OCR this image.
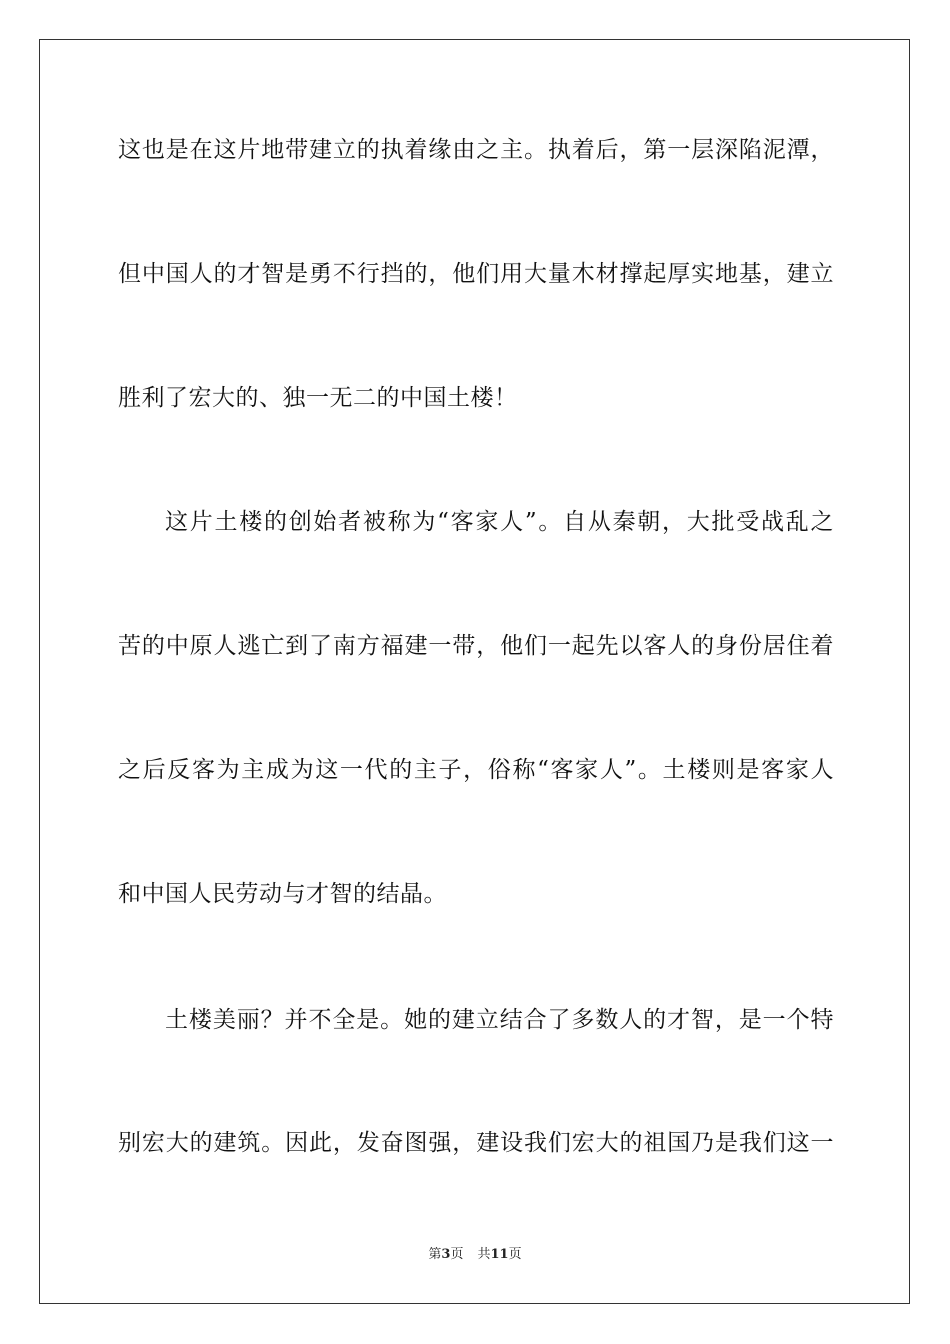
这也是在这片地带建立的执着缘由之主。执着后，第一层深陷泥潭，
但中国人的才智是勇不行挡的，他们用大量木材撑起厚实地基，建立
胜利了宏大的、独一无二的中国土楼！
这片土楼的创始者被称为“客家人”。自从秦朝，大批受战乱之
苦的中原人逃亡到了南方福建一带，他们一起先以客人的身份居住着
之后反客为主成为这一代的主子，俗称“客家人”。土楼则是客家人
和中国人民劳动与才智的结晶。
土楼美丽？并不全是。她的建立结合了多数人的才智，是一个特
别宏大的建筑。因此，发奋图强，建设我们宏大的祖国乃是我们这一
第3页 共11页
